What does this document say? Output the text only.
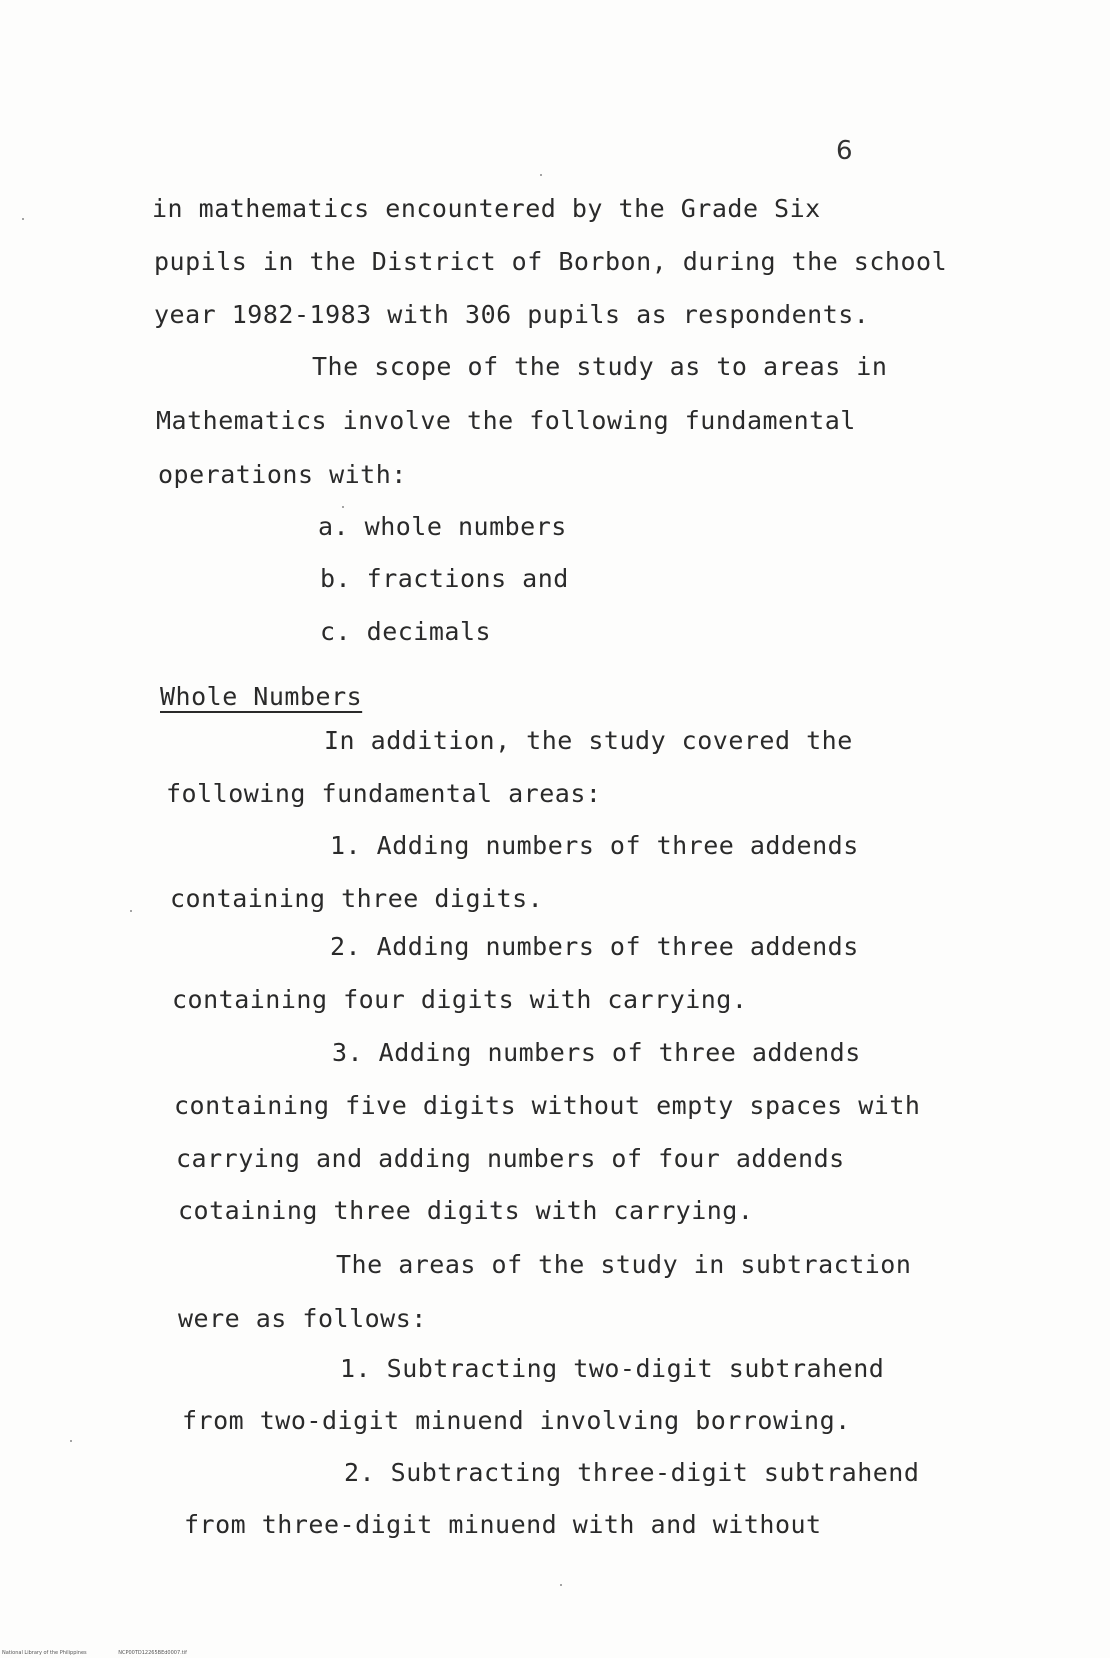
6
in mathematics encountered by the Grade Six
pupils in the District of Borbon, during the school
year 1982-1983 with 306 pupils as respondents.
The scope of the study as to areas in
Mathematics involve the following fundamental
operations with:
a. whole numbers
b. fractions and
c. decimals
Whole Numbers
In addition, the study covered the
following fundamental areas:
1. Adding numbers of three addends
containing three digits.
2. Adding numbers of three addends
containing four digits with carrying.
3. Adding numbers of three addends
containing five digits without empty spaces with
carrying and adding numbers of four addends
cotaining three digits with carrying.
The areas of the study in subtraction
were as follows:
1. Subtracting two-digit subtrahend
from two-digit minuend involving borrowing.
2. Subtracting three-digit subtrahend
from three-digit minuend with and without
National Library of the Philippines	NCP00TD12265BEd0007.tif
